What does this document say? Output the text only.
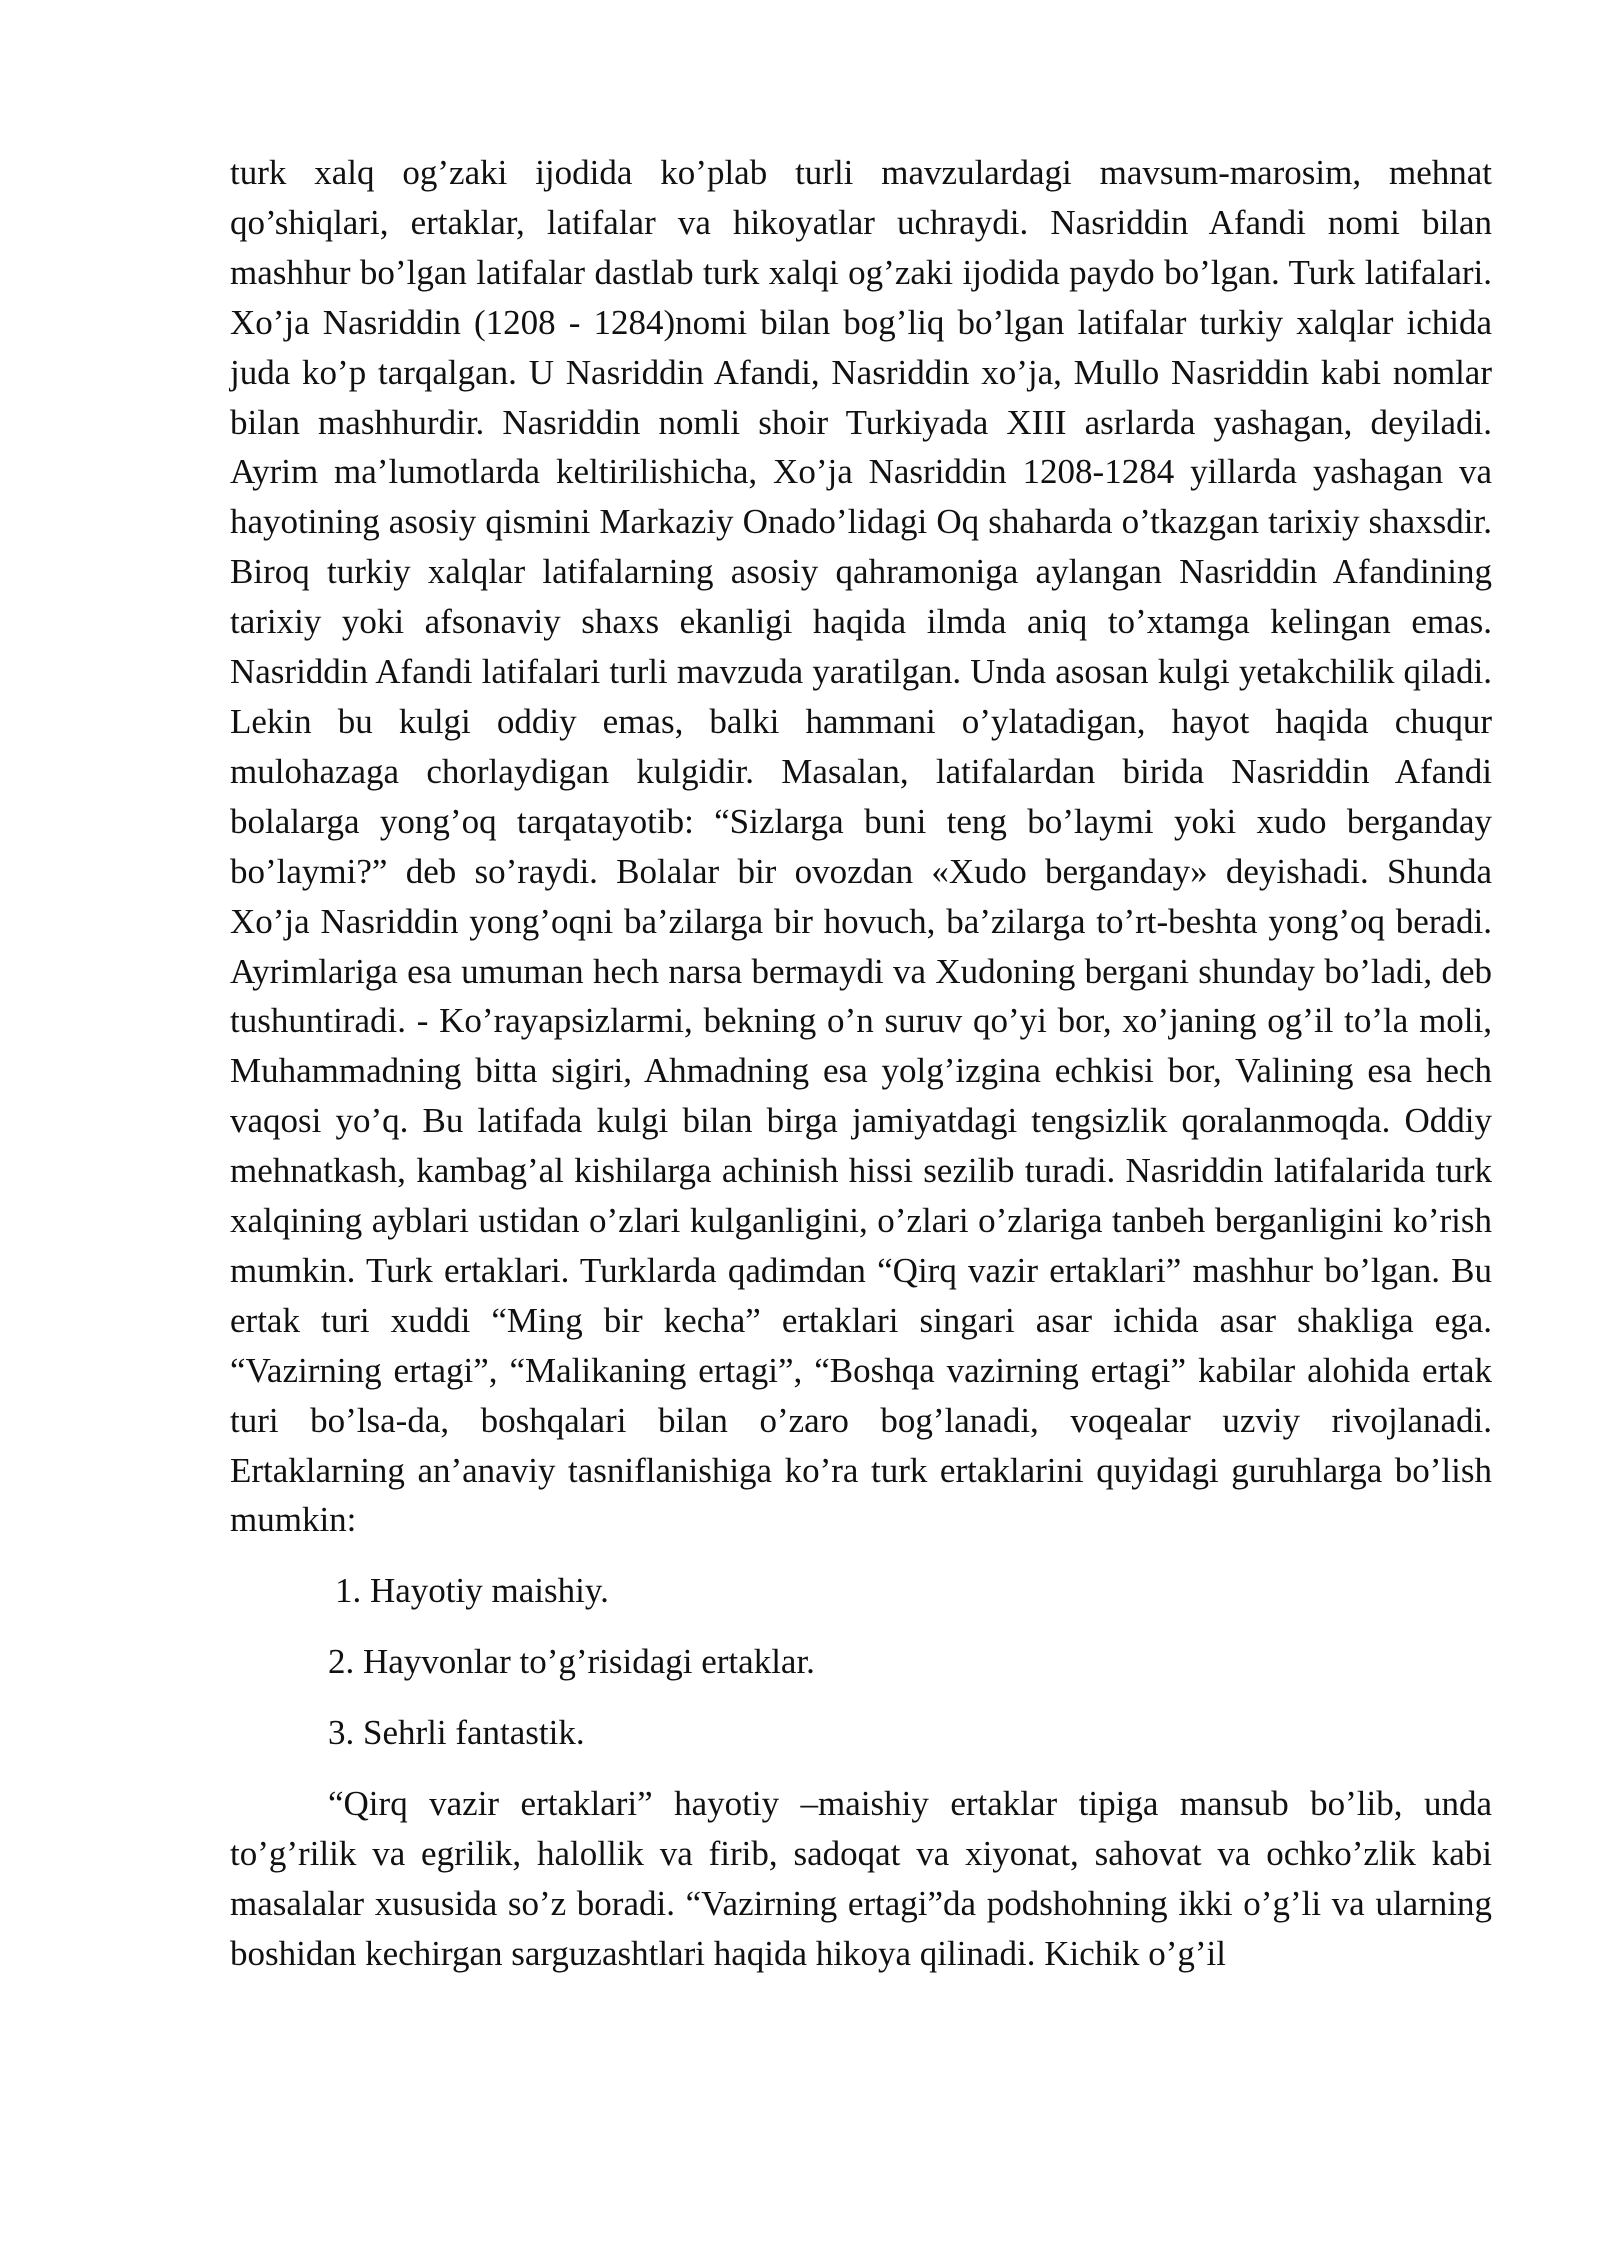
turk xalq og’zaki ijodida ko’plab turli mavzulardagi mavsum-marosim, mehnat qo’shiqlari, ertaklar, latifalar va hikoyatlar uchraydi. Nasriddin Afandi nomi bilan mashhur bo’lgan latifalar dastlab turk xalqi og’zaki ijodida paydo bo’lgan. Turk latifalari. Xo’ja Nasriddin (1208 - 1284)nomi bilan bog’liq bo’lgan latifalar turkiy xalqlar ichida juda ko’p tarqalgan. U Nasriddin Afandi, Nasriddin xo’ja, Mullo Nasriddin kabi nomlar bilan mashhurdir. Nasriddin nomli shoir Turkiyada XIII asrlarda yashagan, deyiladi. Ayrim ma’lumotlarda keltirilishicha, Xo’ja Nasriddin 1208-1284 yillarda yashagan va hayotining asosiy qismini Markaziy Onado’lidagi Oq shaharda o’tkazgan tarixiy shaxsdir. Biroq turkiy xalqlar latifalarning asosiy qahramoniga aylangan Nasriddin Afandining tarixiy yoki afsonaviy shaxs ekanligi haqida ilmda aniq to’xtamga kelingan emas. Nasriddin Afandi latifalari turli mavzuda yaratilgan. Unda asosan kulgi yetakchilik qiladi. Lekin bu kulgi oddiy emas, balki hammani o’ylatadigan, hayot haqida chuqur mulohazaga chorlaydigan kulgidir. Masalan, latifalardan birida Nasriddin Afandi bolalarga yong’oq tarqatayotib: “Sizlarga buni teng bo’laymi yoki xudo berganday bo’laymi?” deb so’raydi. Bolalar bir ovozdan «Xudo berganday» deyishadi. Shunda Xo’ja Nasriddin yong’oqni ba’zilarga bir hovuch, ba’zilarga to’rt-beshta yong’oq beradi. Ayrimlariga esa umuman hech narsa bermaydi va Xudoning bergani shunday bo’ladi, deb tushuntiradi. - Ko’rayapsizlarmi, bekning o’n suruv qo’yi bor, xo’janing og’il to’la moli, Muhammadning bitta sigiri, Ahmadning esa yolg’izgina echkisi bor, Valining esa hech vaqosi yo’q. Bu latifada kulgi bilan birga jamiyatdagi tengsizlik qoralanmoqda. Oddiy mehnatkash, kambag’al kishilarga achinish hissi sezilib turadi. Nasriddin latifalarida turk xalqining ayblari ustidan o’zlari kulganligini, o’zlari o’zlariga tanbeh berganligini ko’rish mumkin. Turk ertaklari. Turklarda qadimdan “Qirq vazir ertaklari” mashhur bo’lgan. Bu ertak turi xuddi “Ming bir kecha” ertaklari singari asar ichida asar shakliga ega. “Vazirning ertagi”, “Malikaning ertagi”, “Boshqa vazirning ertagi” kabilar alohida ertak turi bo’lsa-da, boshqalari bilan o’zaro bog’lanadi, voqealar uzviy rivojlanadi. Ertaklarning an’anaviy tasniflanishiga ko’ra turk ertaklarini quyidagi guruhlarga bo’lish mumkin:

1. Hayotiy maishiy.
2. Hayvonlar to’g’risidagi ertaklar.
3. Sehrli fantastik.

“Qirq vazir ertaklari” hayotiy –maishiy ertaklar tipiga mansub bo’lib, unda to’g’rilik va egrilik, halollik va firib, sadoqat va xiyonat, sahovat va ochko’zlik kabi masalalar xususida so’z boradi. “Vazirning ertagi”da podshohning ikki o’g’li va ularning boshidan kechirgan sarguzashtlari haqida hikoya qilinadi. Kichik o’g’il
